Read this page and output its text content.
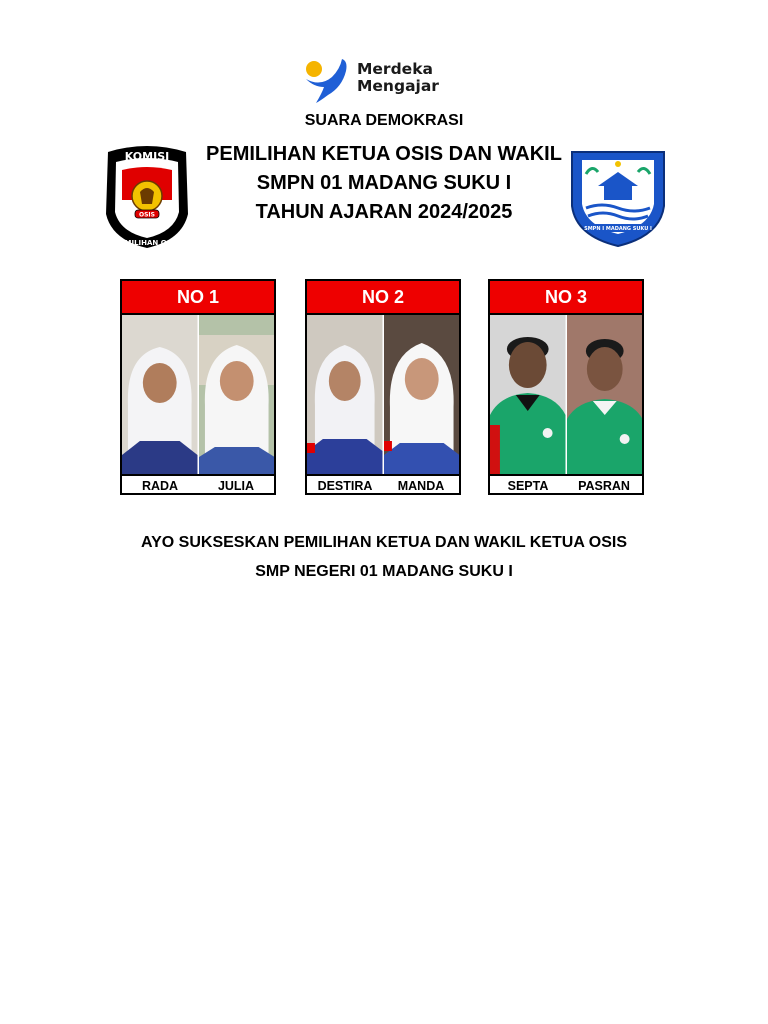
Merdeka
Mengajar
SUARA DEMOKRASI
PEMILIHAN KETUA OSIS DAN WAKIL
SMPN 01 MADANG SUKU I
TAHUN AJARAN 2024/2025
OSIS
KOMISI
PEMILIHAN OSIS
SMPN I MADANG SUKU I
NO 1
RADA	JULIA
NO 2
DESTIRA	MANDA
NO 3
SEPTA	PASRAN
AYO SUKSESKAN PEMILIHAN KETUA DAN WAKIL KETUA OSIS
SMP NEGERI 01 MADANG SUKU I
